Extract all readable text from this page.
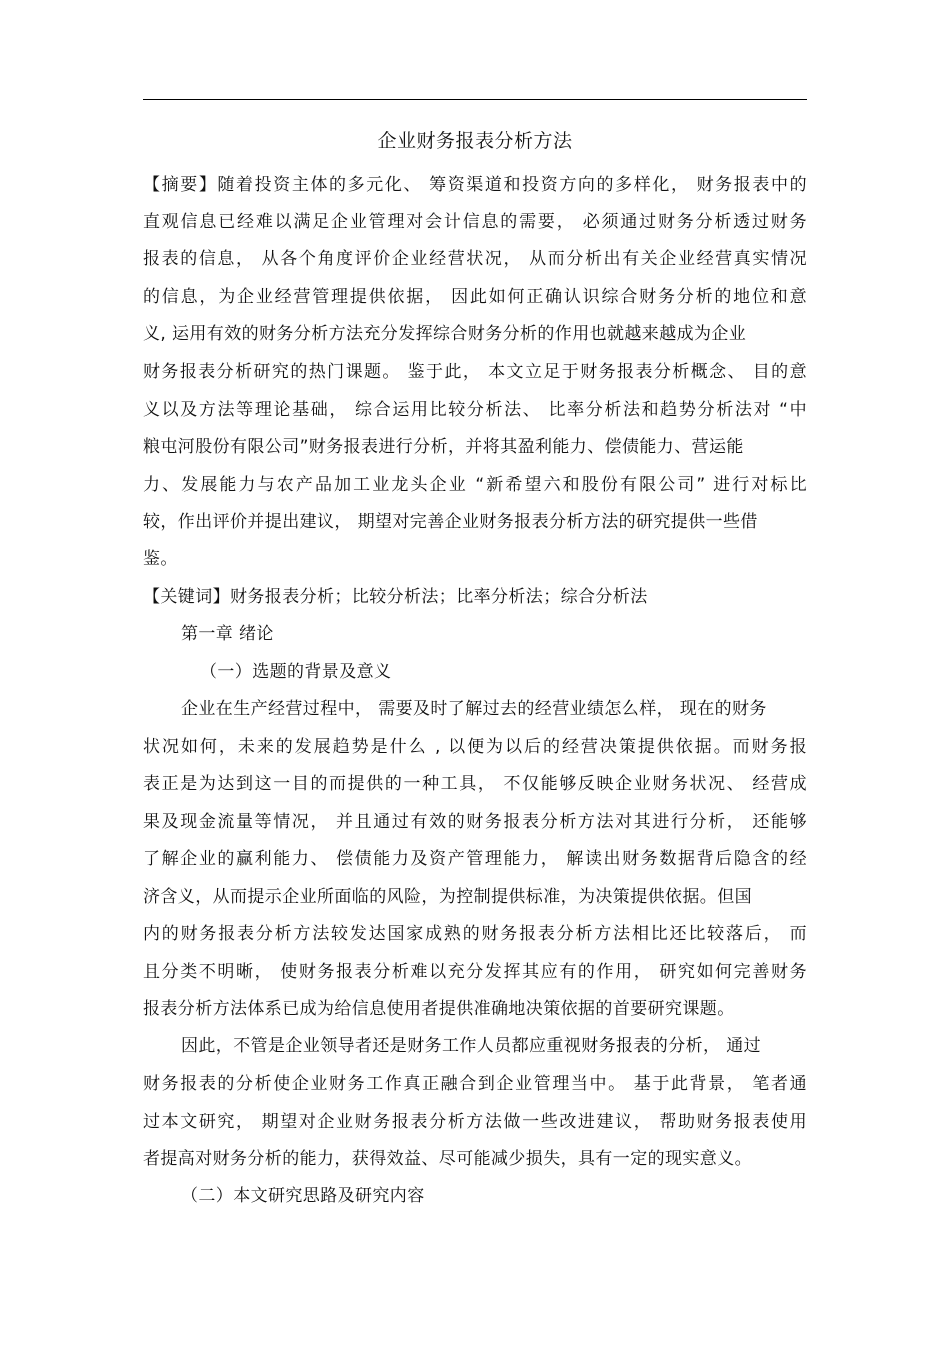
企业财务报表分析方法
【摘要】随着投资主体的多元化、 筹资渠道和投资方向的多样化， 财务报表中的
直观信息已经难以满足企业管理对会计信息的需要， 必须通过财务分析透过财务
报表的信息， 从各个角度评价企业经营状况， 从而分析出有关企业经营真实情况
的信息，为企业经营管理提供依据， 因此如何正确认识综合财务分析的地位和意
义, 运用有效的财务分析方法充分发挥综合财务分析的作用也就越来越成为企业
财务报表分析研究的热门课题。 鉴于此， 本文立足于财务报表分析概念、 目的意
义以及方法等理论基础， 综合运用比较分析法、 比率分析法和趋势分析法对 “中
粮屯河股份有限公司”财务报表进行分析，并将其盈利能力、偿债能力、营运能
力、发展能力与农产品加工业龙头企业 “新希望六和股份有限公司” 进行对标比
较，作出评价并提出建议， 期望对完善企业财务报表分析方法的研究提供一些借
鉴。
【关键词】财务报表分析；比较分析法；比率分析法；综合分析法
第一章 绪论
（一）选题的背景及意义
企业在生产经营过程中， 需要及时了解过去的经营业绩怎么样， 现在的财务
状况如何，未来的发展趋势是什么 , 以便为以后的经营决策提供依据。而财务报
表正是为达到这一目的而提供的一种工具， 不仅能够反映企业财务状况、 经营成
果及现金流量等情况， 并且通过有效的财务报表分析方法对其进行分析， 还能够
了解企业的赢利能力、 偿债能力及资产管理能力， 解读出财务数据背后隐含的经
济含义，从而提示企业所面临的风险，为控制提供标准，为决策提供依据。但国
内的财务报表分析方法较发达国家成熟的财务报表分析方法相比还比较落后， 而
且分类不明晰， 使财务报表分析难以充分发挥其应有的作用， 研究如何完善财务
报表分析方法体系已成为给信息使用者提供准确地决策依据的首要研究课题。
因此，不管是企业领导者还是财务工作人员都应重视财务报表的分析， 通过
财务报表的分析使企业财务工作真正融合到企业管理当中。 基于此背景， 笔者通
过本文研究， 期望对企业财务报表分析方法做一些改进建议， 帮助财务报表使用
者提高对财务分析的能力，获得效益、尽可能减少损失，具有一定的现实意义。
（二）本文研究思路及研究内容
